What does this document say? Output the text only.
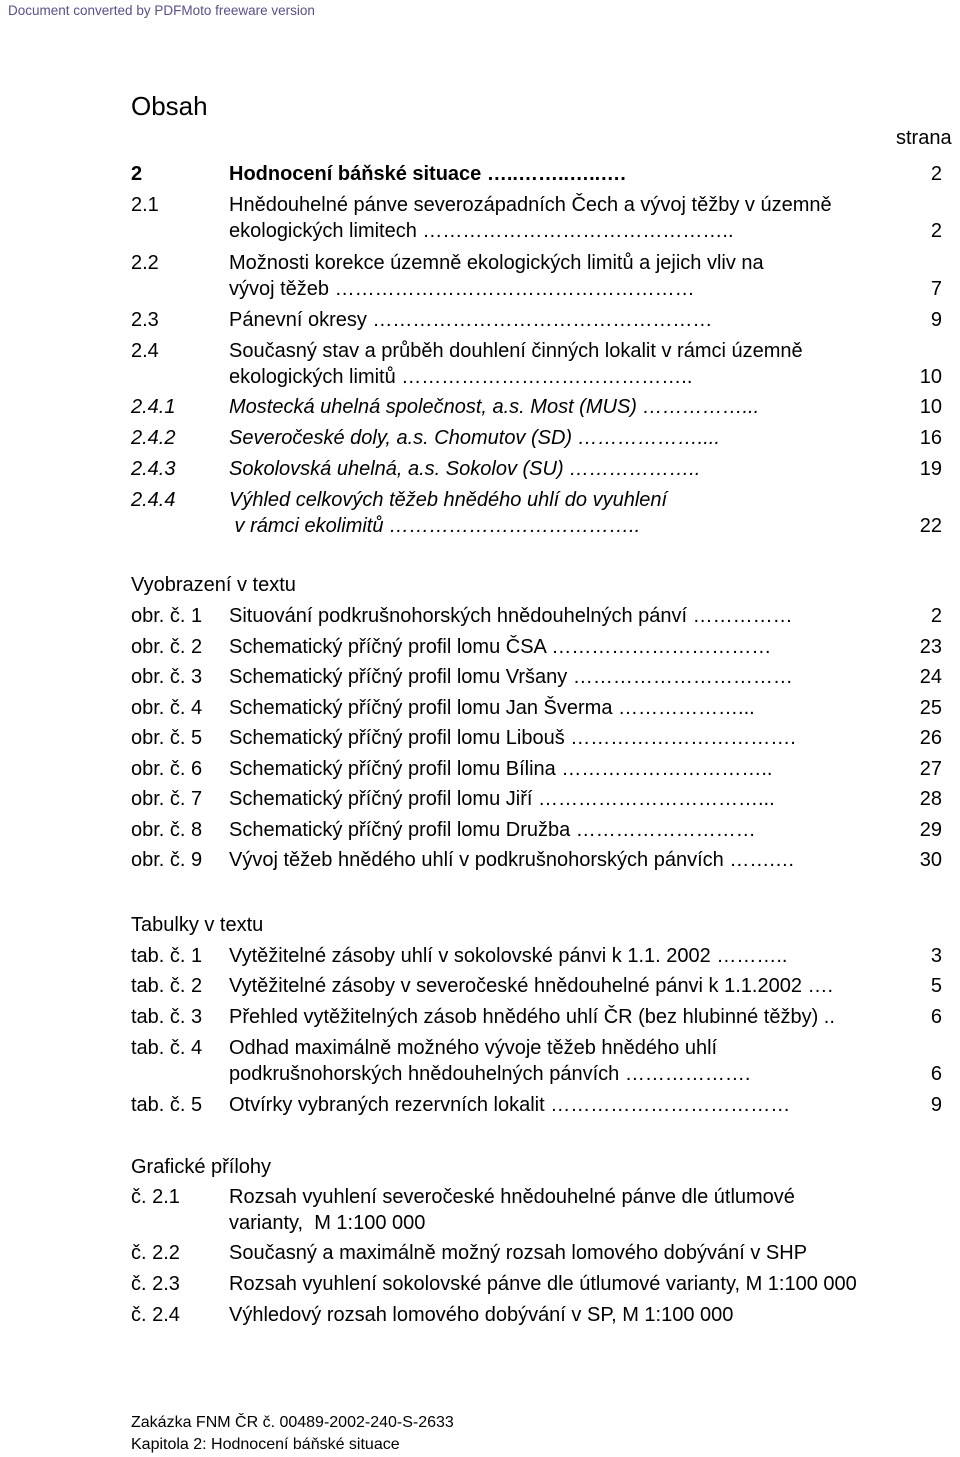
Document converted by PDFMoto freeware version
Obsah
strana
2	Hodnocení báňské situace …..……..…..….	2
2.1	Hnědouhelné pánve severozápadních Čech a vývoj těžby v územně
ekologických limitech ………………………………………..	2
2.2	Možnosti korekce územně ekologických limitů a jejich vliv na
vývoj těžeb ………………………………………………	7
2.3	Pánevní okresy ……………………………………………	9
2.4	Současný stav a průběh douhlení činných lokalit v rámci územně
ekologických limitů ……………………………………..	10
2.4.1	Mostecká uhelná společnost, a.s. Most (MUS) ……………...	10
2.4.2	Severočeské doly, a.s. Chomutov (SD) ………………....	16
2.4.3	Sokolovská uhelná, a.s. Sokolov (SU) ………………..	19
2.4.4	Výhled celkových těžeb hnědého uhlí do vyuhlení
v rámci ekolimitů ………………………………..	22
Vyobrazení v textu
obr. č. 1 Situování podkrušnohorských hnědouhelných pánví ……………	2
obr. č. 2 Schematický příčný profil lomu ČSA ……………………………	23
obr. č. 3 Schematický příčný profil lomu Vršany ……………………………	24
obr. č. 4 Schematický příčný profil lomu Jan Šverma ………………...	25
obr. č. 5 Schematický příčný profil lomu Libouš …………………………….	26
obr. č. 6 Schematický příčný profil lomu Bílina …………………………..	27
obr. č. 7 Schematický příčný profil lomu Jiří ……………………………...	28
obr. č. 8 Schematický příčný profil lomu Družba ………………………	29
obr. č. 9 Vývoj těžeb hnědého uhlí v podkrušnohorských pánvích …….…	30
Tabulky v textu
tab. č. 1 Vytěžitelné zásoby uhlí v sokolovské pánvi k 1.1. 2002 ………..	3
tab. č. 2 Vytěžitelné zásoby v severočeské hnědouhelné pánvi k 1.1.2002 ….	5
tab. č. 3 Přehled vytěžitelných zásob hnědého uhlí ČR (bez hlubinné těžby) ..	6
tab. č. 4 Odhad maximálně možného vývoje těžeb hnědého uhlí
podkrušnohorských hnědouhelných pánvích ……………….	6
tab. č. 5 Otvírky vybraných rezervních lokalit ………………………………	9
Grafické přílohy
č. 2.1 Rozsah vyuhlení severočeské hnědouhelné pánve dle útlumové
varianty,  M 1:100 000
č. 2.2 Současný a maximálně možný rozsah lomového dobývání v SHP
č. 2.3 Rozsah vyuhlení sokolovské pánve dle útlumové varianty, M 1:100 000
č. 2.4 Výhledový rozsah lomového dobývání v SP, M 1:100 000
Zakázka FNM ČR č. 00489-2002-240-S-2633
Kapitola 2: Hodnocení báňské situace
